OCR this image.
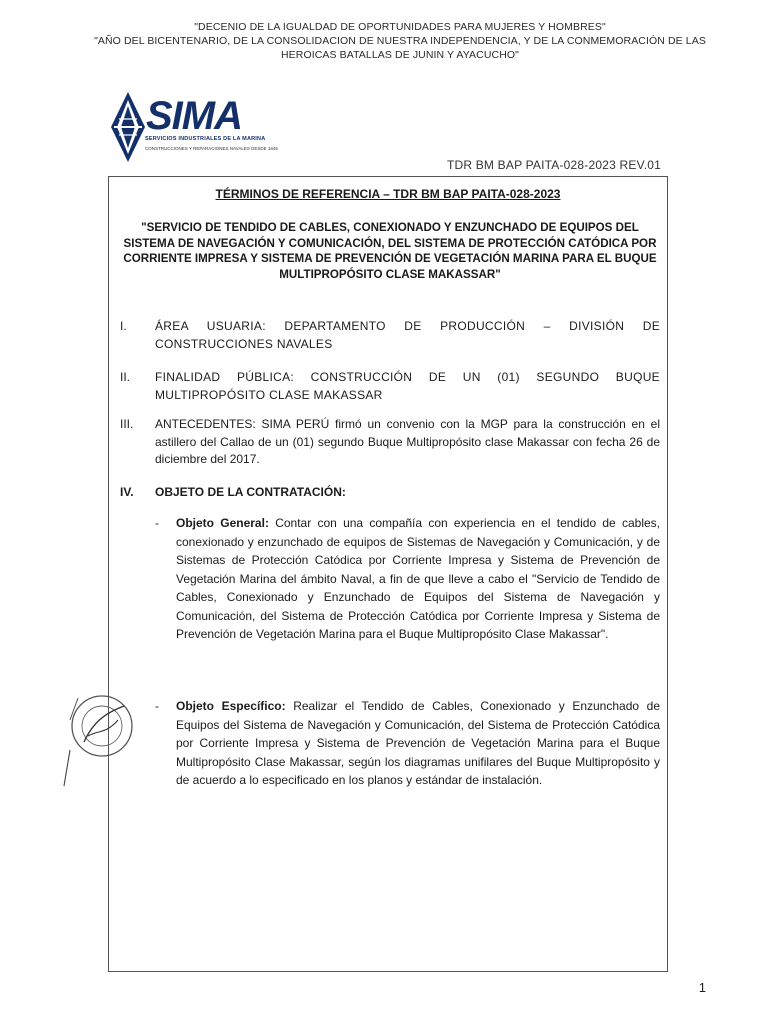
"DECENIO DE LA IGUALDAD DE OPORTUNIDADES PARA MUJERES Y HOMBRES"
"AÑO DEL BICENTENARIO, DE LA CONSOLIDACION DE NUESTRA INDEPENDENCIA, Y DE LA CONMEMORACIÓN DE LAS
HEROICAS BATALLAS DE JUNIN Y AYACUCHO"
SIMA
SERVICIOS INDUSTRIALES DE LA MARINA
CONSTRUCCIONES Y REPARACIONES NAVALES DESDE 1845
TDR BM BAP PAITA-028-2023 REV.01
TÉRMINOS DE REFERENCIA – TDR BM BAP PAITA-028-2023
"SERVICIO DE TENDIDO DE CABLES, CONEXIONADO Y ENZUNCHADO DE EQUIPOS DEL SISTEMA DE NAVEGACIÓN Y COMUNICACIÓN, DEL SISTEMA DE PROTECCIÓN CATÓDICA POR CORRIENTE IMPRESA Y SISTEMA DE PREVENCIÓN DE VEGETACIÓN MARINA PARA EL BUQUE MULTIPROPÓSITO CLASE MAKASSAR"
I.	ÁREA USUARIA: DEPARTAMENTO DE PRODUCCIÓN – DIVISIÓN DE CONSTRUCCIONES NAVALES
II.	FINALIDAD PÚBLICA: CONSTRUCCIÓN DE UN (01) SEGUNDO BUQUE MULTIPROPÓSITO CLASE MAKASSAR
III.	ANTECEDENTES: SIMA PERÚ firmó un convenio con la MGP para la construcción en el astillero del Callao de un (01) segundo Buque Multipropósito clase Makassar con fecha 26 de diciembre del 2017.
IV.	OBJETO DE LA CONTRATACIÓN:
- Objeto General: Contar con una compañía con experiencia en el tendido de cables, conexionado y enzunchado de equipos de Sistemas de Navegación y Comunicación, y de Sistemas de Protección Catódica por Corriente Impresa y Sistema de Prevención de Vegetación Marina del ámbito Naval, a fin de que lleve a cabo el "Servicio de Tendido de Cables, Conexionado y Enzunchado de Equipos del Sistema de Navegación y Comunicación, del Sistema de Protección Catódica por Corriente Impresa y Sistema de Prevención de Vegetación Marina para el Buque Multipropósito Clase Makassar".
- Objeto Específico: Realizar el Tendido de Cables, Conexionado y Enzunchado de Equipos del Sistema de Navegación y Comunicación, del Sistema de Protección Catódica por Corriente Impresa y Sistema de Prevención de Vegetación Marina para el Buque Multipropósito Clase Makassar, según los diagramas unifilares del Buque Multipropósito y de acuerdo a lo especificado en los planos y estándar de instalación.
1
